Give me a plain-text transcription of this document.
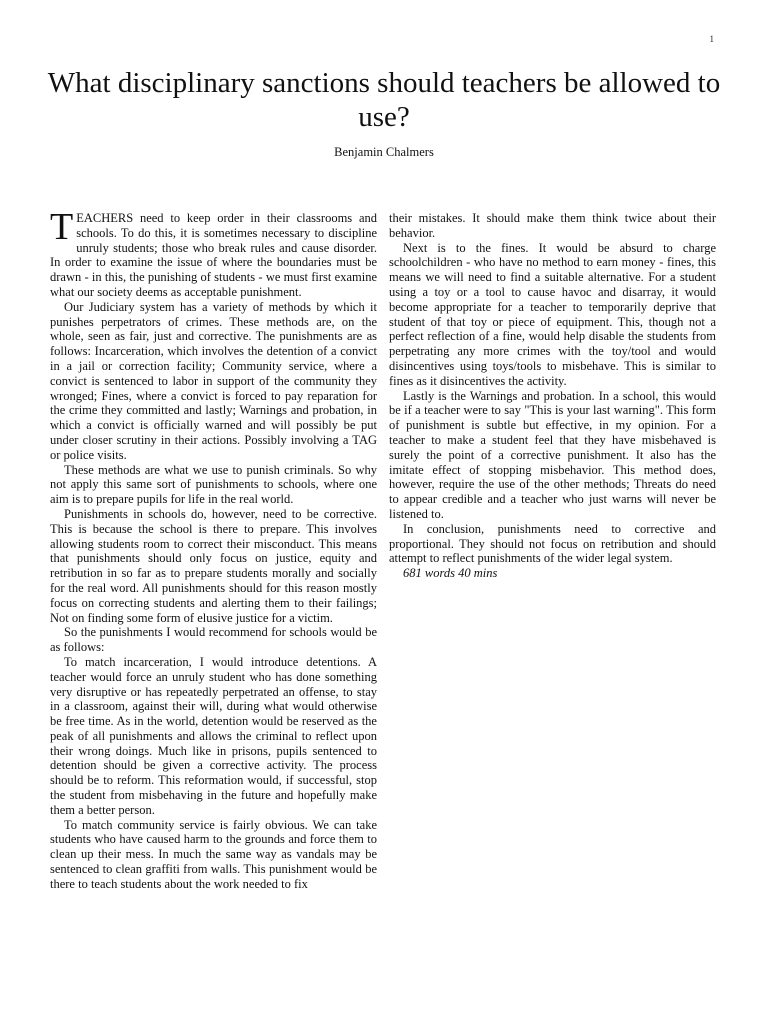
1
What disciplinary sanctions should teachers be allowed to use?
Benjamin Chalmers

TEACHERS need to keep order in their classrooms and schools. To do this, it is sometimes necessary to discipline unruly students; those who break rules and cause disorder. In order to examine the issue of where the boundaries must be drawn - in this, the punishing of students - we must first examine what our society deems as acceptable punishment.

Our Judiciary system has a variety of methods by which it punishes perpetrators of crimes. These methods are, on the whole, seen as fair, just and corrective. The punishments are as follows: Incarceration, which involves the detention of a convict in a jail or correction facility; Community service, where a convict is sentenced to labor in support of the community they wronged; Fines, where a convict is forced to pay reparation for the crime they committed and lastly; Warnings and probation, in which a convict is officially warned and will possibly be put under closer scrutiny in their actions. Possibly involving a TAG or police visits.

These methods are what we use to punish criminals. So why not apply this same sort of punishments to schools, where one aim is to prepare pupils for life in the real world.

Punishments in schools do, however, need to be corrective. This is because the school is there to prepare. This involves allowing students room to correct their misconduct. This means that punishments should only focus on justice, equity and retribution in so far as to prepare students morally and socially for the real word. All punishments should for this reason mostly focus on correcting students and alerting them to their failings; Not on finding some form of elusive justice for a victim.

So the punishments I would recommend for schools would be as follows:

To match incarceration, I would introduce detentions. A teacher would force an unruly student who has done something very disruptive or has repeatedly perpetrated an offense, to stay in a classroom, against their will, during what would otherwise be free time. As in the world, detention would be reserved as the peak of all punishments and allows the criminal to reflect upon their wrong doings. Much like in prisons, pupils sentenced to detention should be given a corrective activity. The process should be to reform. This reformation would, if successful, stop the student from misbehaving in the future and hopefully make them a better person.

To match community service is fairly obvious. We can take students who have caused harm to the grounds and force them to clean up their mess. In much the same way as vandals may be sentenced to clean graffiti from walls. This punishment would be there to teach students about the work needed to fix

their mistakes. It should make them think twice about their behavior.

Next is to the fines. It would be absurd to charge schoolchildren - who have no method to earn money - fines, this means we will need to find a suitable alternative. For a student using a toy or a tool to cause havoc and disarray, it would become appropriate for a teacher to temporarily deprive that student of that toy or piece of equipment. This, though not a perfect reflection of a fine, would help disable the students from perpetrating any more crimes with the toy/tool and would disincentives using toys/tools to misbehave. This is similar to fines as it disincentives the activity.

Lastly is the Warnings and probation. In a school, this would be if a teacher were to say "This is your last warning". This form of punishment is subtle but effective, in my opinion. For a teacher to make a student feel that they have misbehaved is surely the point of a corrective punishment. It also has the imitate effect of stopping misbehavior. This method does, however, require the use of the other methods; Threats do need to appear credible and a teacher who just warns will never be listened to.

In conclusion, punishments need to corrective and proportional. They should not focus on retribution and should attempt to reflect punishments of the wider legal system.

681 words 40 mins
